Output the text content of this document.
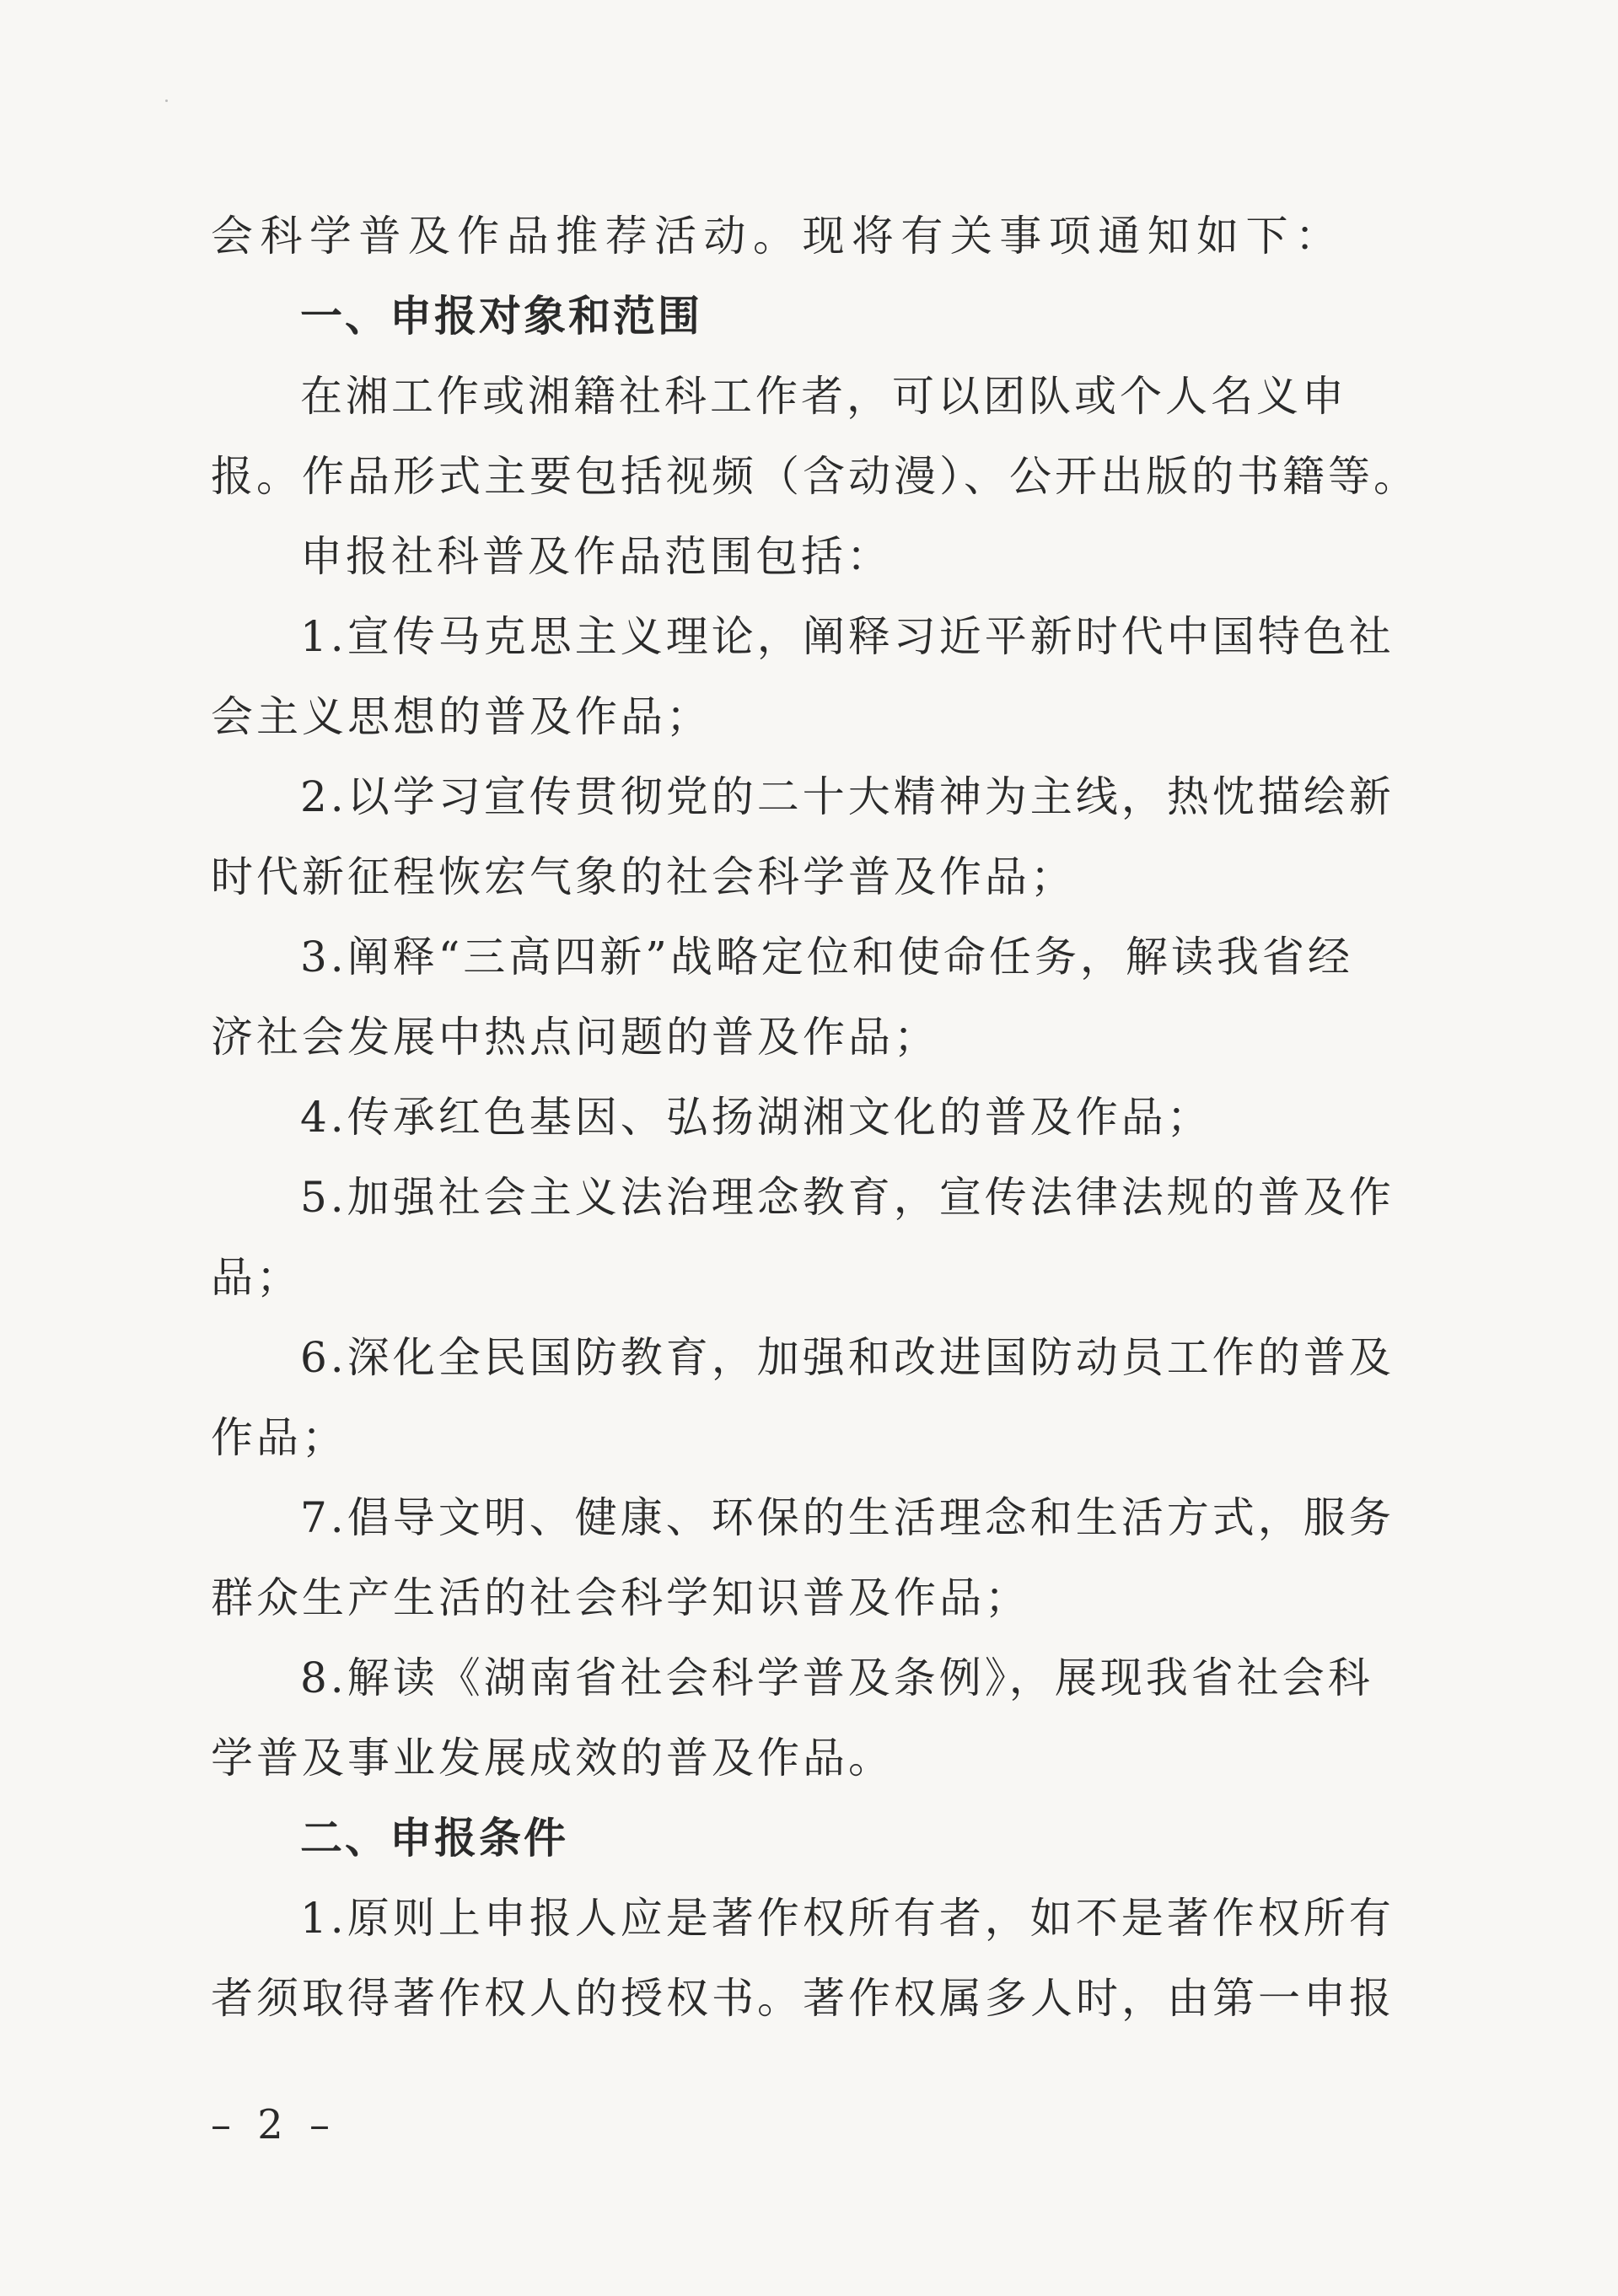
会科学普及作品推荐活动。现将有关事项通知如下：
一、申报对象和范围
在湘工作或湘籍社科工作者，可以团队或个人名义申
报。作品形式主要包括视频（含动漫）、公开出版的书籍等。
申报社科普及作品范围包括：
1.宣传马克思主义理论，阐释习近平新时代中国特色社
会主义思想的普及作品；
2.以学习宣传贯彻党的二十大精神为主线，热忱描绘新
时代新征程恢宏气象的社会科学普及作品；
3.阐释“三高四新”战略定位和使命任务，解读我省经
济社会发展中热点问题的普及作品；
4.传承红色基因、弘扬湖湘文化的普及作品；
5.加强社会主义法治理念教育，宣传法律法规的普及作
品；
6.深化全民国防教育，加强和改进国防动员工作的普及
作品；
7.倡导文明、健康、环保的生活理念和生活方式，服务
群众生产生活的社会科学知识普及作品；
8.解读《湖南省社会科学普及条例》，展现我省社会科
学普及事业发展成效的普及作品。
二、申报条件
1.原则上申报人应是著作权所有者，如不是著作权所有
者须取得著作权人的授权书。著作权属多人时，由第一申报
– 2 –
